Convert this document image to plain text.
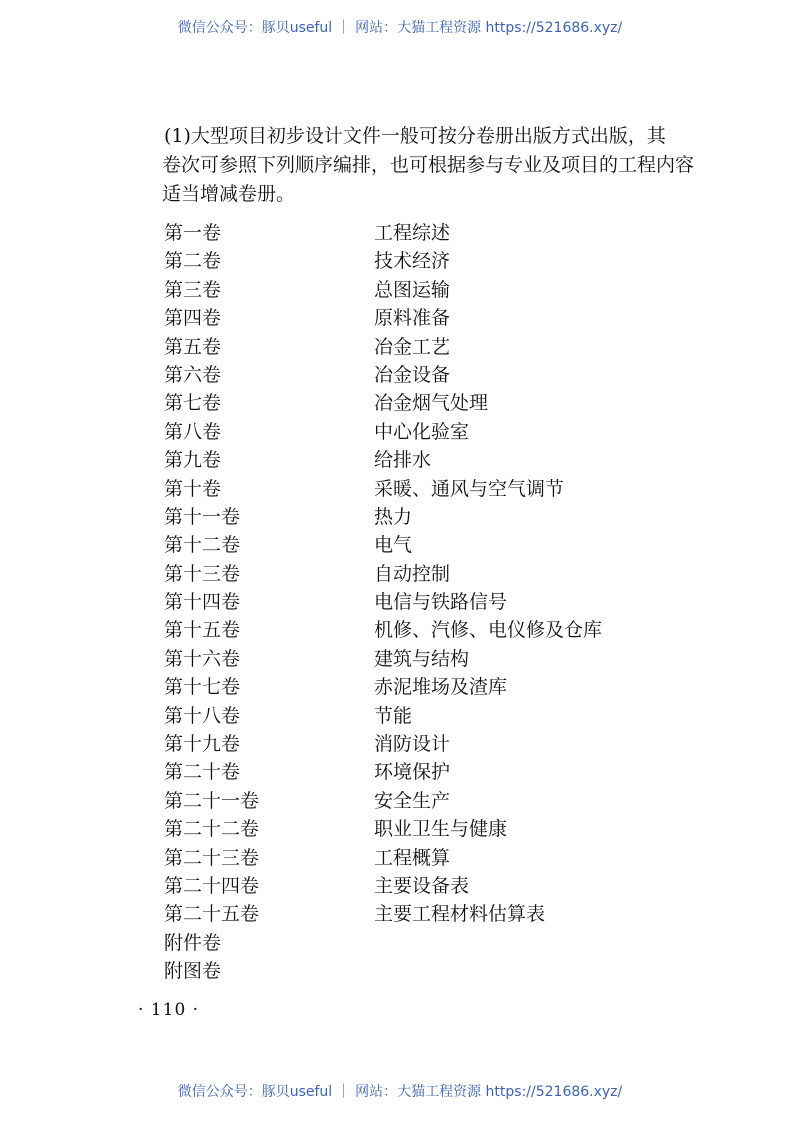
微信公众号：豚贝useful ｜ 网站：大猫工程资源 https://521686.xyz/

(1)大型项目初步设计文件一般可按分卷册出版方式出版，其

卷次可参照下列顺序编排，也可根据参与专业及项目的工程内容

适当增减卷册。

第一卷	工程综述
第二卷	技术经济
第三卷	总图运输
第四卷	原料准备
第五卷	冶金工艺
第六卷	冶金设备
第七卷	冶金烟气处理
第八卷	中心化验室
第九卷	给排水
第十卷	采暖、通风与空气调节
第十一卷	热力
第十二卷	电气
第十三卷	自动控制
第十四卷	电信与铁路信号
第十五卷	机修、汽修、电仪修及仓库
第十六卷	建筑与结构
第十七卷	赤泥堆场及渣库
第十八卷	节能
第十九卷	消防设计
第二十卷	环境保护
第二十一卷	安全生产
第二十二卷	职业卫生与健康
第二十三卷	工程概算
第二十四卷	主要设备表
第二十五卷	主要工程材料估算表
附件卷
附图卷
· 110 ·
微信公众号：豚贝useful ｜ 网站：大猫工程资源 https://521686.xyz/
